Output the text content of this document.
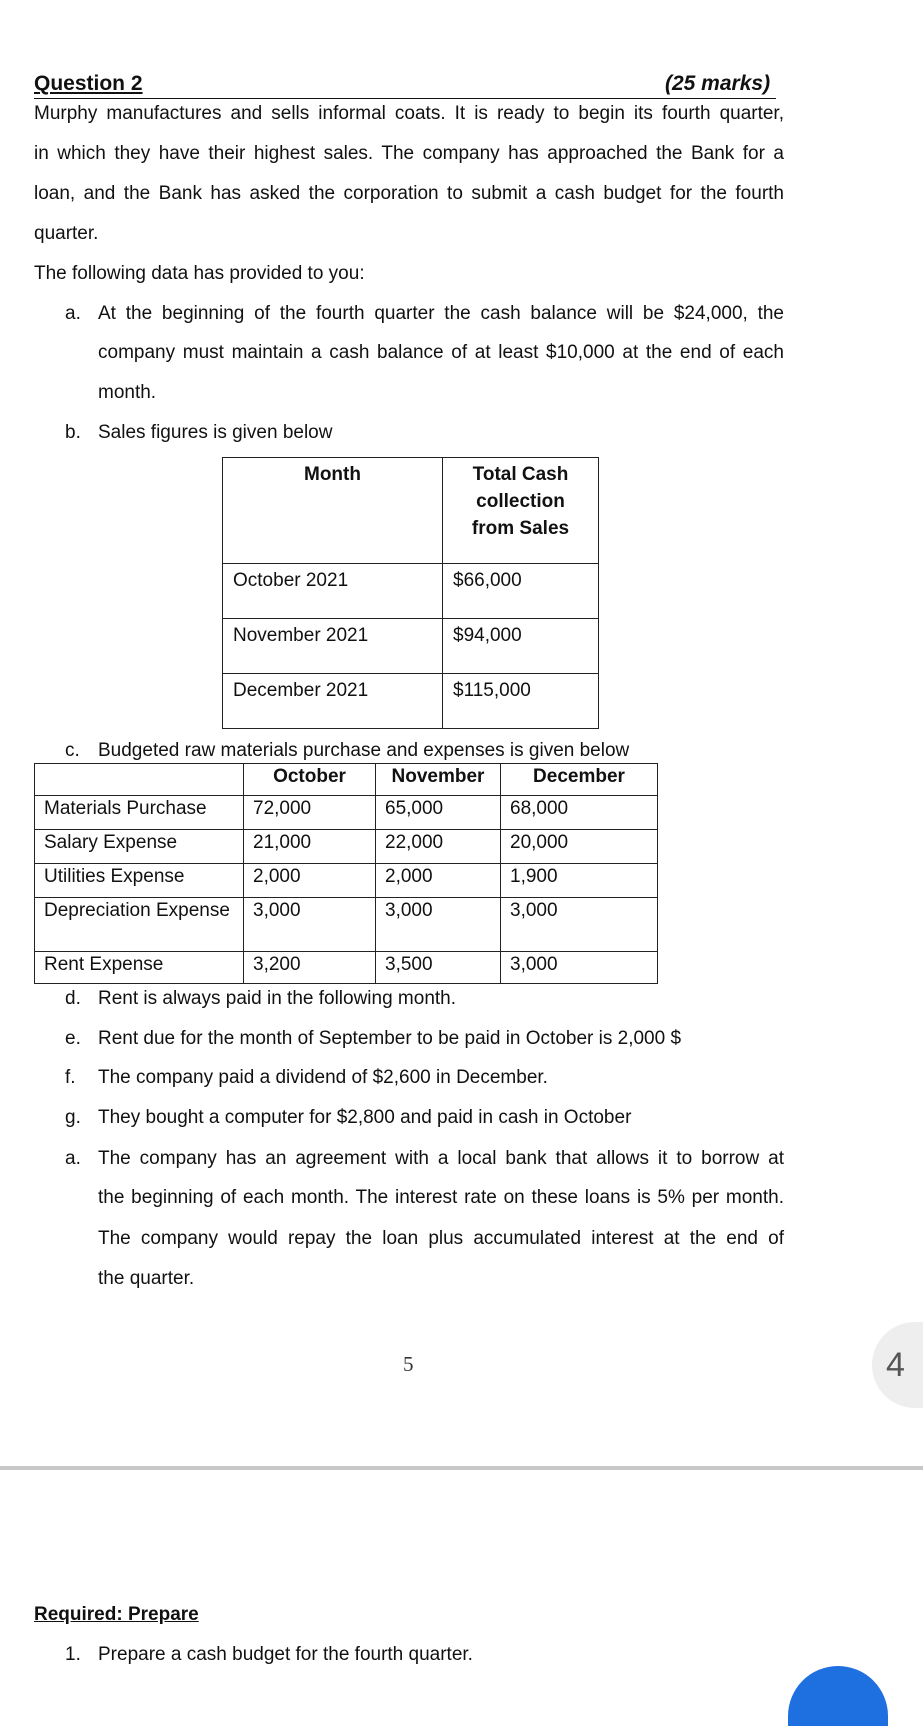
Question 2	(25 marks)
Murphy manufactures and sells informal coats. It is ready to begin its fourth quarter,
in which they have their highest sales. The company has approached the Bank for a
loan, and the Bank has asked the corporation to submit a cash budget for the fourth
quarter.
The following data has provided to you:
a. At the beginning of the fourth quarter the cash balance will be $24,000, the
company must maintain a cash balance of at least $10,000 at the end of each
month.
b. Sales figures is given below
Month	Total Cash
collection
from Sales

October 2021	$66,000
November 2021	$94,000
December 2021	$115,000
c. Budgeted raw materials purchase and expenses is given below
	October	November	December
Materials Purchase	72,000	65,000	68,000
Salary Expense	21,000	22,000	20,000
Utilities Expense	2,000	2,000	1,900
Depreciation Expense	3,000	3,000	3,000
Rent Expense	3,200	3,500	3,000
d. Rent is always paid in the following month.
e. Rent due for the month of September to be paid in October is 2,000 $
f. The company paid a dividend of $2,600 in December.
g. They bought a computer for $2,800 and paid in cash in October
a. The company has an agreement with a local bank that allows it to borrow at
the beginning of each month. The interest rate on these loans is 5% per month.
The company would repay the loan plus accumulated interest at the end of
the quarter.
5	4
Required: Prepare
1. Prepare a cash budget for the fourth quarter.
